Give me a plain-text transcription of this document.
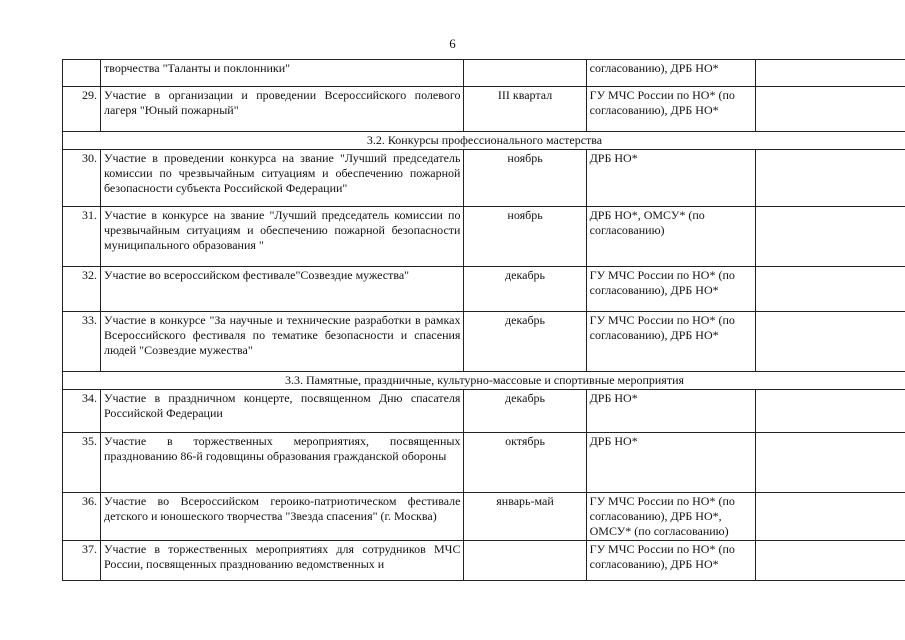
6
	творчества "Таланты и поклонники"		согласованию), ДРБ НО*	
29.	Участие в организации и проведении Всероссийского полевого лагеря "Юный пожарный"	III квартал	ГУ МЧС России по НО* (по согласованию), ДРБ НО*	
3.2. Конкурсы профессионального мастерства				
30.	Участие в проведении конкурса на звание "Лучший председатель комиссии по чрезвычайным ситуациям и обеспечению пожарной безопасности субъекта Российской Федерации"	ноябрь	ДРБ НО*	
31.	Участие в конкурсе на звание "Лучший председатель комиссии по чрезвычайным ситуациям и обеспечению пожарной безопасности муниципального образования "	ноябрь	ДРБ НО*, ОМСУ* (по согласованию)	
32.	Участие во всероссийском фестивале"Созвездие мужества"	декабрь	ГУ МЧС России по НО* (по согласованию), ДРБ НО*	
33.	Участие в конкурсе "За научные и технические разработки в рамках Всероссийского фестиваля по тематике безопасности и спасения людей "Созвездие мужества"	декабрь	ГУ МЧС России по НО* (по согласованию), ДРБ НО*	
3.3. Памятные, праздничные, культурно-массовые и спортивные мероприятия				
34.	Участие в праздничном концерте, посвященном Дню спасателя Российской Федерации	декабрь	ДРБ НО*	
35.	Участие в торжественных мероприятиях, посвященных празднованию 86-й годовщины образования гражданской обороны	октябрь	ДРБ НО*	
36.	Участие во Всероссийском героико-патриотическом фестивале детского и юношеского творчества "Звезда спасения" (г. Москва)	январь-май	ГУ МЧС России по НО* (по согласованию), ДРБ НО*, ОМСУ* (по согласованию)	
37.	Участие в торжественных мероприятиях для сотрудников МЧС России, посвященных празднованию ведомственных и		ГУ МЧС России по НО* (по согласованию), ДРБ НО*	
